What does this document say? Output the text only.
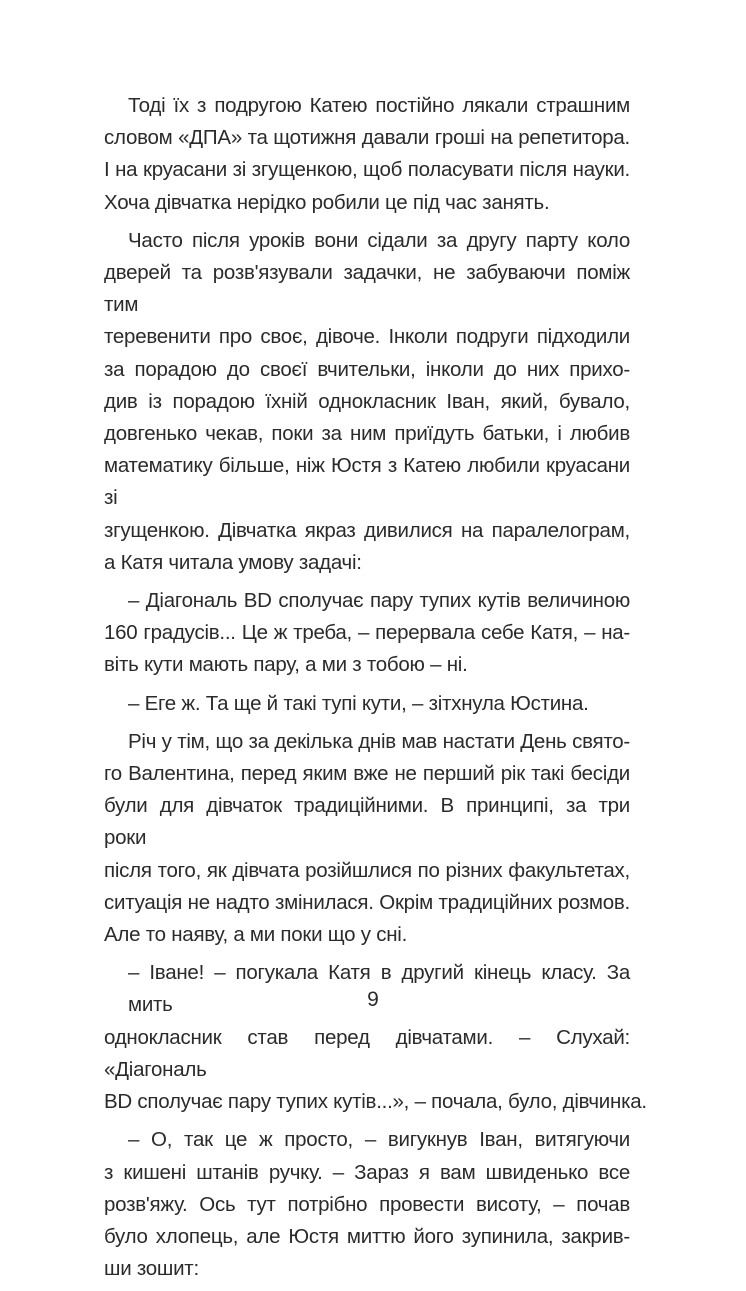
Тоді їх з подругою Катею постійно лякали страшним
словом «ДПА» та щотижня давали гроші на репетитора.
І на круасани зі згущенкою, щоб поласувати після науки.
Хоча дівчатка нерідко робили це під час занять.
Часто після уроків вони сідали за другу парту коло
дверей та розв'язували задачки, не забуваючи поміж тим
теревенити про своє, дівоче. Інколи подруги підходили
за порадою до своєї вчительки, інколи до них прихо-
див із порадою їхній однокласник Іван, який, бувало,
довгенько чекав, поки за ним приїдуть батьки, і любив
математику більше, ніж Юстя з Катею любили круасани зі
згущенкою. Дівчатка якраз дивилися на паралелограм,
а Катя читала умову задачі:
– Діагональ BD сполучає пару тупих кутів величиною
160 градусів... Це ж треба, – перервала себе Катя, – на-
віть кути мають пару, а ми з тобою – ні.
– Еге ж. Та ще й такі тупі кути, – зітхнула Юстина.
Річ у тім, що за декілька днів мав настати День свято-
го Валентина, перед яким вже не перший рік такі бесіди
були для дівчаток традиційними. В принципі, за три роки
після того, як дівчата розійшлися по різних факультетах,
ситуація не надто змінилася. Окрім традиційних розмов.
Але то наяву, а ми поки що у сні.
– Іване! – погукала Катя в другий кінець класу. За мить
однокласник став перед дівчатами. – Слухай: «Діагональ
BD сполучає пару тупих кутів...», – почала, було, дівчинка.
– О, так це ж просто, – вигукнув Іван, витягуючи
з кишені штанів ручку. – Зараз я вам швиденько все
розв'яжу. Ось тут потрібно провести висоту, – почав
було хлопець, але Юстя миттю його зупинила, закрив-
ши зошит:
9
